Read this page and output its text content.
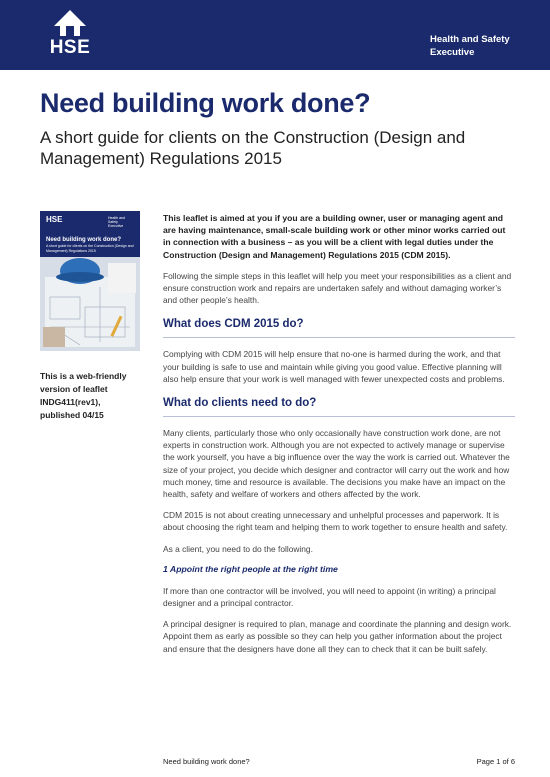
HSE	Health and Safety
Executive
Need building work done?

A short guide for clients on the Construction (Design and Management) Regulations 2015

HSE	Health and Safety Executive
Need building work done?
A short guide for clients on the Construction (Design and Management) Regulations 2015
This is a web-friendly version of leaflet INDG411(rev1), published 04/15

This leaflet is aimed at you if you are a building owner, user or managing agent and are having maintenance, small-scale building work or other minor works carried out in connection with a business – as you will be a client with legal duties under the Construction (Design and Management) Regulations 2015 (CDM 2015).

Following the simple steps in this leaflet will help you meet your responsibilities as a client and ensure construction work and repairs are undertaken safely and without damaging worker’s and other people’s health.

What does CDM 2015 do?

Complying with CDM 2015 will help ensure that no-one is harmed during the work, and that your building is safe to use and maintain while giving you good value. Effective planning will also help ensure that your work is well managed with fewer unexpected costs and problems.

What do clients need to do?

Many clients, particularly those who only occasionally have construction work done, are not experts in construction work. Although you are not expected to actively manage or supervise the work yourself, you have a big influence over the way the work is carried out. Whatever the size of your project, you decide which designer and contractor will carry out the work and how much money, time and resource is available. The decisions you make have an impact on the health, safety and welfare of workers and others affected by the work.

CDM 2015 is not about creating unnecessary and unhelpful processes and paperwork. It is about choosing the right team and helping them to work together to ensure health and safety.

As a client, you need to do the following.

1 Appoint the right people at the right time

If more than one contractor will be involved, you will need to appoint (in writing) a principal designer and a principal contractor.

A principal designer is required to plan, manage and coordinate the planning and design work. Appoint them as early as possible so they can help you gather information about the project and ensure that the designers have done all they can to check that it can be built safely.

Need building work done?	Page 1 of 6
